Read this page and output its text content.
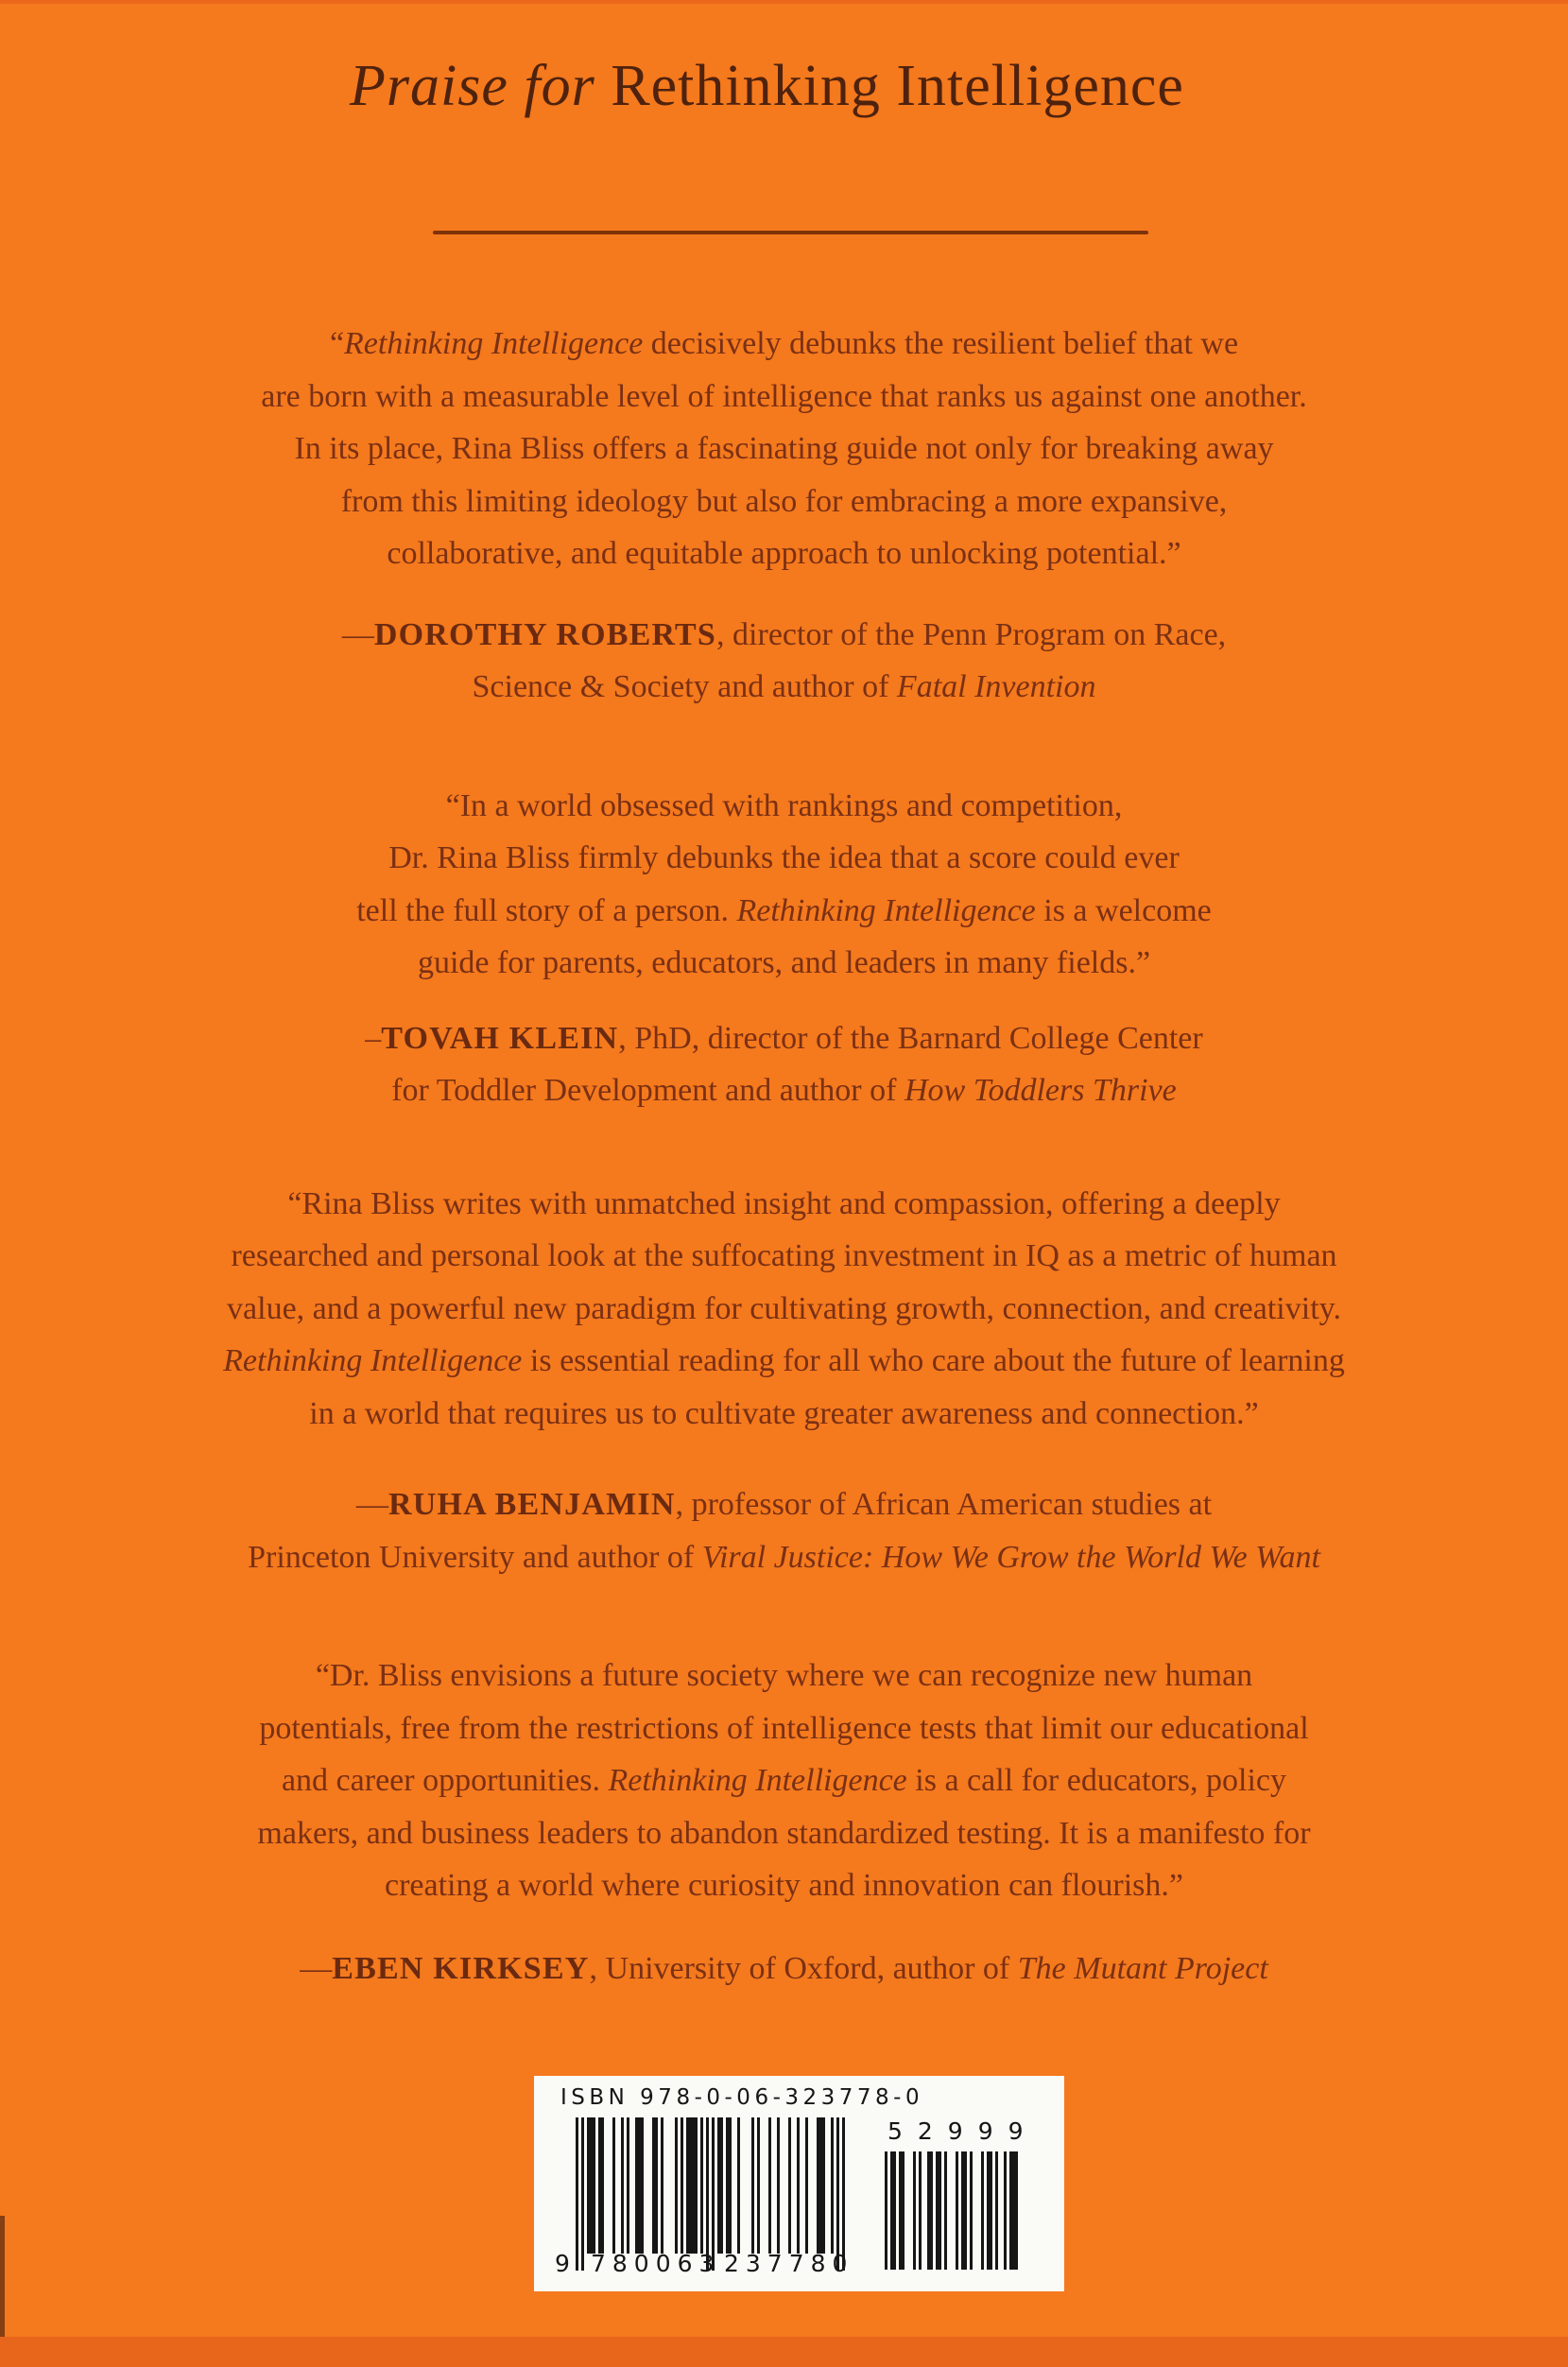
Praise for Rethinking Intelligence
“Rethinking Intelligence decisively debunks the resilient belief that we
are born with a measurable level of intelligence that ranks us against one another.
In its place, Rina Bliss offers a fascinating guide not only for breaking away
from this limiting ideology but also for embracing a more expansive,
collaborative, and equitable approach to unlocking potential.”
—DOROTHY ROBERTS, director of the Penn Program on Race,
Science & Society and author of Fatal Invention
“In a world obsessed with rankings and competition,
Dr. Rina Bliss firmly debunks the idea that a score could ever
tell the full story of a person. Rethinking Intelligence is a welcome
guide for parents, educators, and leaders in many fields.”
–TOVAH KLEIN, PhD, director of the Barnard College Center
for Toddler Development and author of How Toddlers Thrive
“Rina Bliss writes with unmatched insight and compassion, offering a deeply
researched and personal look at the suffocating investment in IQ as a metric of human
value, and a powerful new paradigm for cultivating growth, connection, and creativity.
Rethinking Intelligence is essential reading for all who care about the future of learning
in a world that requires us to cultivate greater awareness and connection.”
—RUHA BENJAMIN, professor of African American studies at
Princeton University and author of Viral Justice: How We Grow the World We Want
“Dr. Bliss envisions a future society where we can recognize new human
potentials, free from the restrictions of intelligence tests that limit our educational
and career opportunities. Rethinking Intelligence is a call for educators, policy
makers, and business leaders to abandon standardized testing. It is a manifesto for
creating a world where curiosity and innovation can flourish.”
—EBEN KIRKSEY, University of Oxford, author of The Mutant Project
ISBN 978-0-06-323778-0
9 780063 237780
52999
